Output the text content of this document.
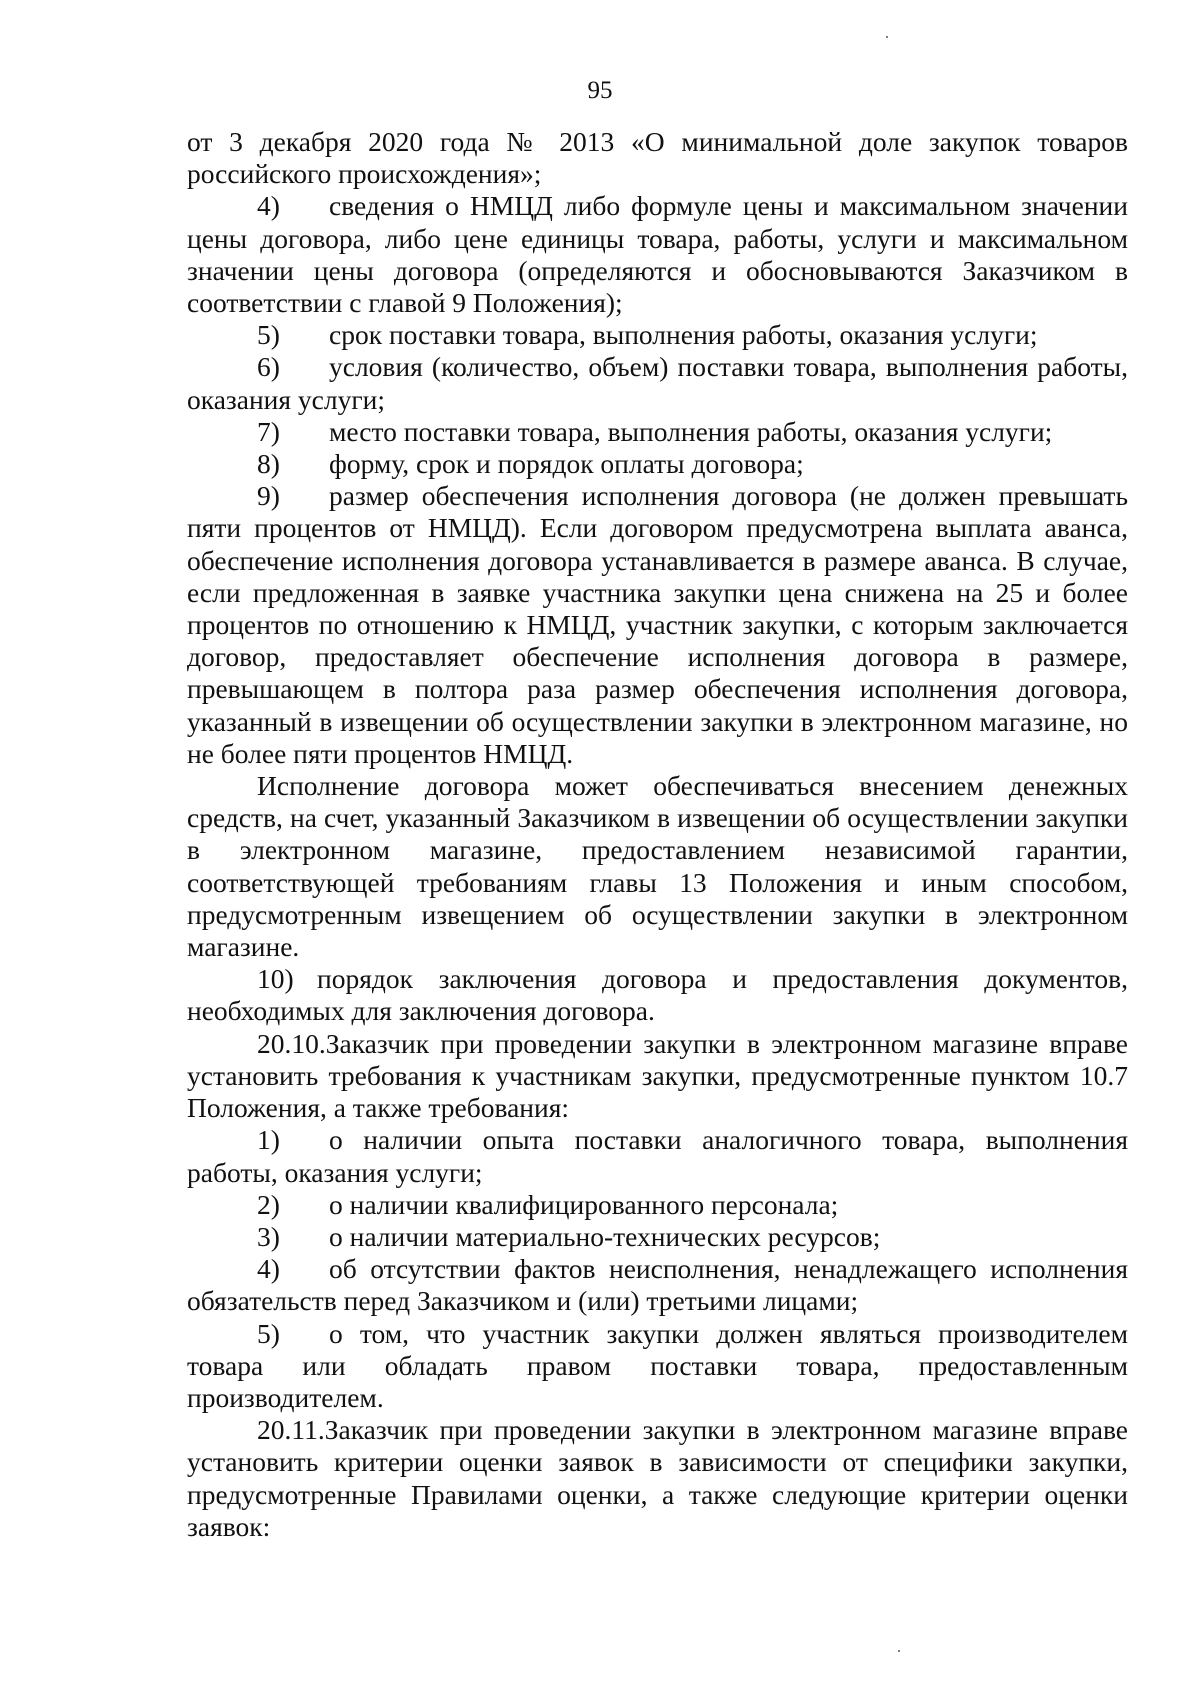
95

от 3 декабря 2020 года № 2013 «О минимальной доле закупок товаров российского происхождения»;

4) сведения о НМЦД либо формуле цены и максимальном значении цены договора, либо цене единицы товара, работы, услуги и максимальном значении цены договора (определяются и обосновываются Заказчиком в соответствии с главой 9 Положения);

5) срок поставки товара, выполнения работы, оказания услуги;

6) условия (количество, объем) поставки товара, выполнения работы, оказания услуги;

7) место поставки товара, выполнения работы, оказания услуги;

8) форму, срок и порядок оплаты договора;

9) размер обеспечения исполнения договора (не должен превышать пяти процентов от НМЦД). Если договором предусмотрена выплата аванса, обеспечение исполнения договора устанавливается в размере аванса. В случае, если предложенная в заявке участника закупки цена снижена на 25 и более процентов по отношению к НМЦД, участник закупки, с которым заключается договор, предоставляет обеспечение исполнения договора в размере, превышающем в полтора раза размер обеспечения исполнения договора, указанный в извещении об осуществлении закупки в электронном магазине, но не более пяти процентов НМЦД.

Исполнение договора может обеспечиваться внесением денежных средств, на счет, указанный Заказчиком в извещении об осуществлении закупки в электронном магазине, предоставлением независимой гарантии, соответствующей требованиям главы 13 Положения и иным способом, предусмотренным извещением об осуществлении закупки в электронном магазине.

10) порядок заключения договора и предоставления документов, необходимых для заключения договора.

20.10.Заказчик при проведении закупки в электронном магазине вправе установить требования к участникам закупки, предусмотренные пунктом 10.7 Положения, а также требования:

1) о наличии опыта поставки аналогичного товара, выполнения работы, оказания услуги;

2) о наличии квалифицированного персонала;

3) о наличии материально-технических ресурсов;

4) об отсутствии фактов неисполнения, ненадлежащего исполнения обязательств перед Заказчиком и (или) третьими лицами;

5) о том, что участник закупки должен являться производителем товара или обладать правом поставки товара, предоставленным производителем.

20.11.Заказчик при проведении закупки в электронном магазине вправе установить критерии оценки заявок в зависимости от специфики закупки, предусмотренные Правилами оценки, а также следующие критерии оценки заявок:
